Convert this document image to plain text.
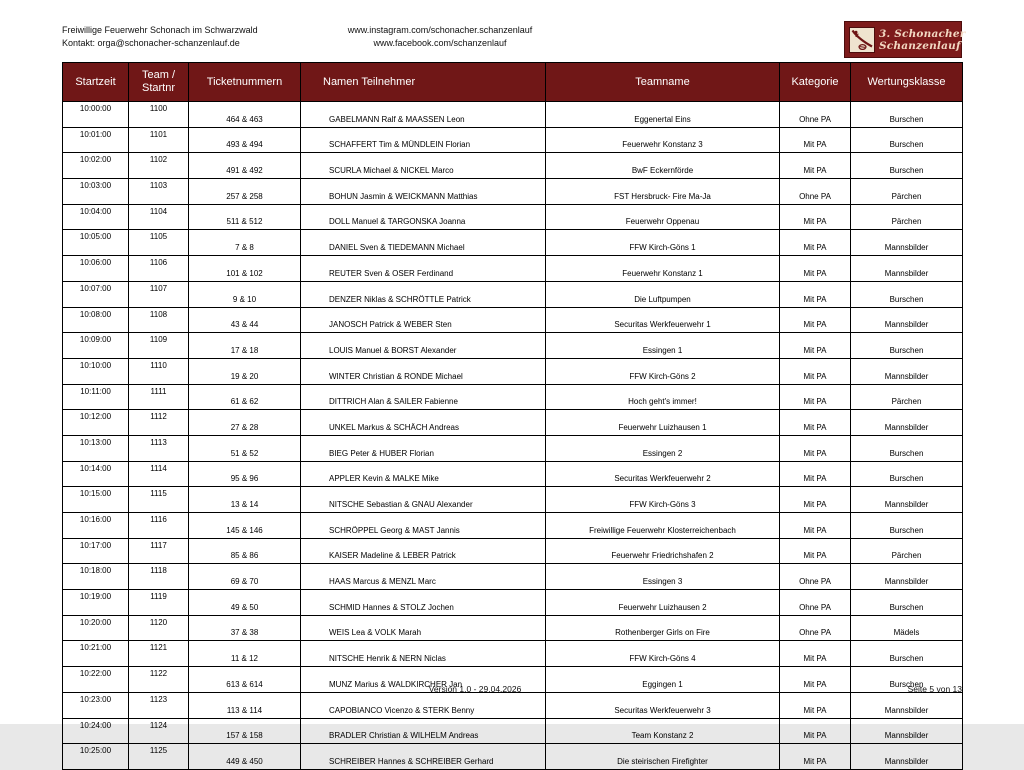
Freiwillige Feuerwehr Schonach im Schwarzwald
Kontakt: orga@schonacher-schanzenlauf.de
www.instagram.com/schonacher.schanzenlauf
www.facebook.com/schanzenlauf
3. Schonacher
Schanzenlauf
Startzeit	Team / Startnr	Ticketnummern	Namen Teilnehmer	Teamname	Kategorie	Wertungsklasse
10:00:00	1100	464 & 463	GABELMANN Ralf & MAASSEN Leon	Eggenertal Eins	Ohne PA	Burschen
10:01:00	1101	493 & 494	SCHAFFERT Tim & MÜNDLEIN Florian	Feuerwehr Konstanz 3	Mit PA	Burschen
10:02:00	1102	491 & 492	SCURLA Michael & NICKEL Marco	BwF Eckernförde	Mit PA	Burschen
10:03:00	1103	257 & 258	BOHUN Jasmin & WEICKMANN Matthias	FST Hersbruck- Fire Ma-Ja	Ohne PA	Pärchen
10:04:00	1104	511 & 512	DOLL Manuel & TARGONSKA Joanna	Feuerwehr Oppenau	Mit PA	Pärchen
10:05:00	1105	7 & 8	DANIEL Sven & TIEDEMANN Michael	FFW Kirch-Göns 1	Mit PA	Mannsbilder
10:06:00	1106	101 & 102	REUTER Sven & OSER Ferdinand	Feuerwehr Konstanz 1	Mit PA	Mannsbilder
10:07:00	1107	9 & 10	DENZER Niklas & SCHRÖTTLE Patrick	Die Luftpumpen	Mit PA	Burschen
10:08:00	1108	43 & 44	JANOSCH Patrick & WEBER Sten	Securitas Werkfeuerwehr 1	Mit PA	Mannsbilder
10:09:00	1109	17 & 18	LOUIS Manuel & BORST Alexander	Essingen 1	Mit PA	Burschen
10:10:00	1110	19 & 20	WINTER Christian & RONDE Michael	FFW Kirch-Göns 2	Mit PA	Mannsbilder
10:11:00	1111	61 & 62	DITTRICH Alan & SAILER Fabienne	Hoch geht's immer!	Mit PA	Pärchen
10:12:00	1112	27 & 28	UNKEL Markus & SCHÄCH Andreas	Feuerwehr Luizhausen 1	Mit PA	Mannsbilder
10:13:00	1113	51 & 52	BIEG Peter & HUBER Florian	Essingen 2	Mit PA	Burschen
10:14:00	1114	95 & 96	APPLER Kevin & MALKE Mike	Securitas Werkfeuerwehr 2	Mit PA	Burschen
10:15:00	1115	13 & 14	NITSCHE Sebastian & GNAU Alexander	FFW Kirch-Göns 3	Mit PA	Mannsbilder
10:16:00	1116	145 & 146	SCHRÖPPEL Georg & MAST Jannis	Freiwillige Feuerwehr Klosterreichenbach	Mit PA	Burschen
10:17:00	1117	85 & 86	KAISER Madeline & LEBER Patrick	Feuerwehr Friedrichshafen 2	Mit PA	Pärchen
10:18:00	1118	69 & 70	HAAS Marcus & MENZL Marc	Essingen 3	Ohne PA	Mannsbilder
10:19:00	1119	49 & 50	SCHMID Hannes & STOLZ Jochen	Feuerwehr Luizhausen 2	Ohne PA	Burschen
10:20:00	1120	37 & 38	WEIS Lea & VOLK Marah	Rothenberger Girls on Fire	Ohne PA	Mädels
10:21:00	1121	11 & 12	NITSCHE Henrik & NERN Niclas	FFW Kirch-Göns 4	Mit PA	Burschen
10:22:00	1122	613 & 614	MUNZ Marius & WALDKIRCHER Jan	Eggingen 1	Mit PA	Burschen
10:23:00	1123	113 & 114	CAPOBIANCO Vicenzo & STERK Benny	Securitas Werkfeuerwehr 3	Mit PA	Mannsbilder
10:24:00	1124	157 & 158	BRADLER Christian & WILHELM Andreas	Team Konstanz 2	Mit PA	Mannsbilder
10:25:00	1125	449 & 450	SCHREIBER Hannes & SCHREIBER Gerhard	Die steirischen Firefighter	Mit PA	Mannsbilder
Version 1.0 - 29.04.2026	Seite 5 von 13
